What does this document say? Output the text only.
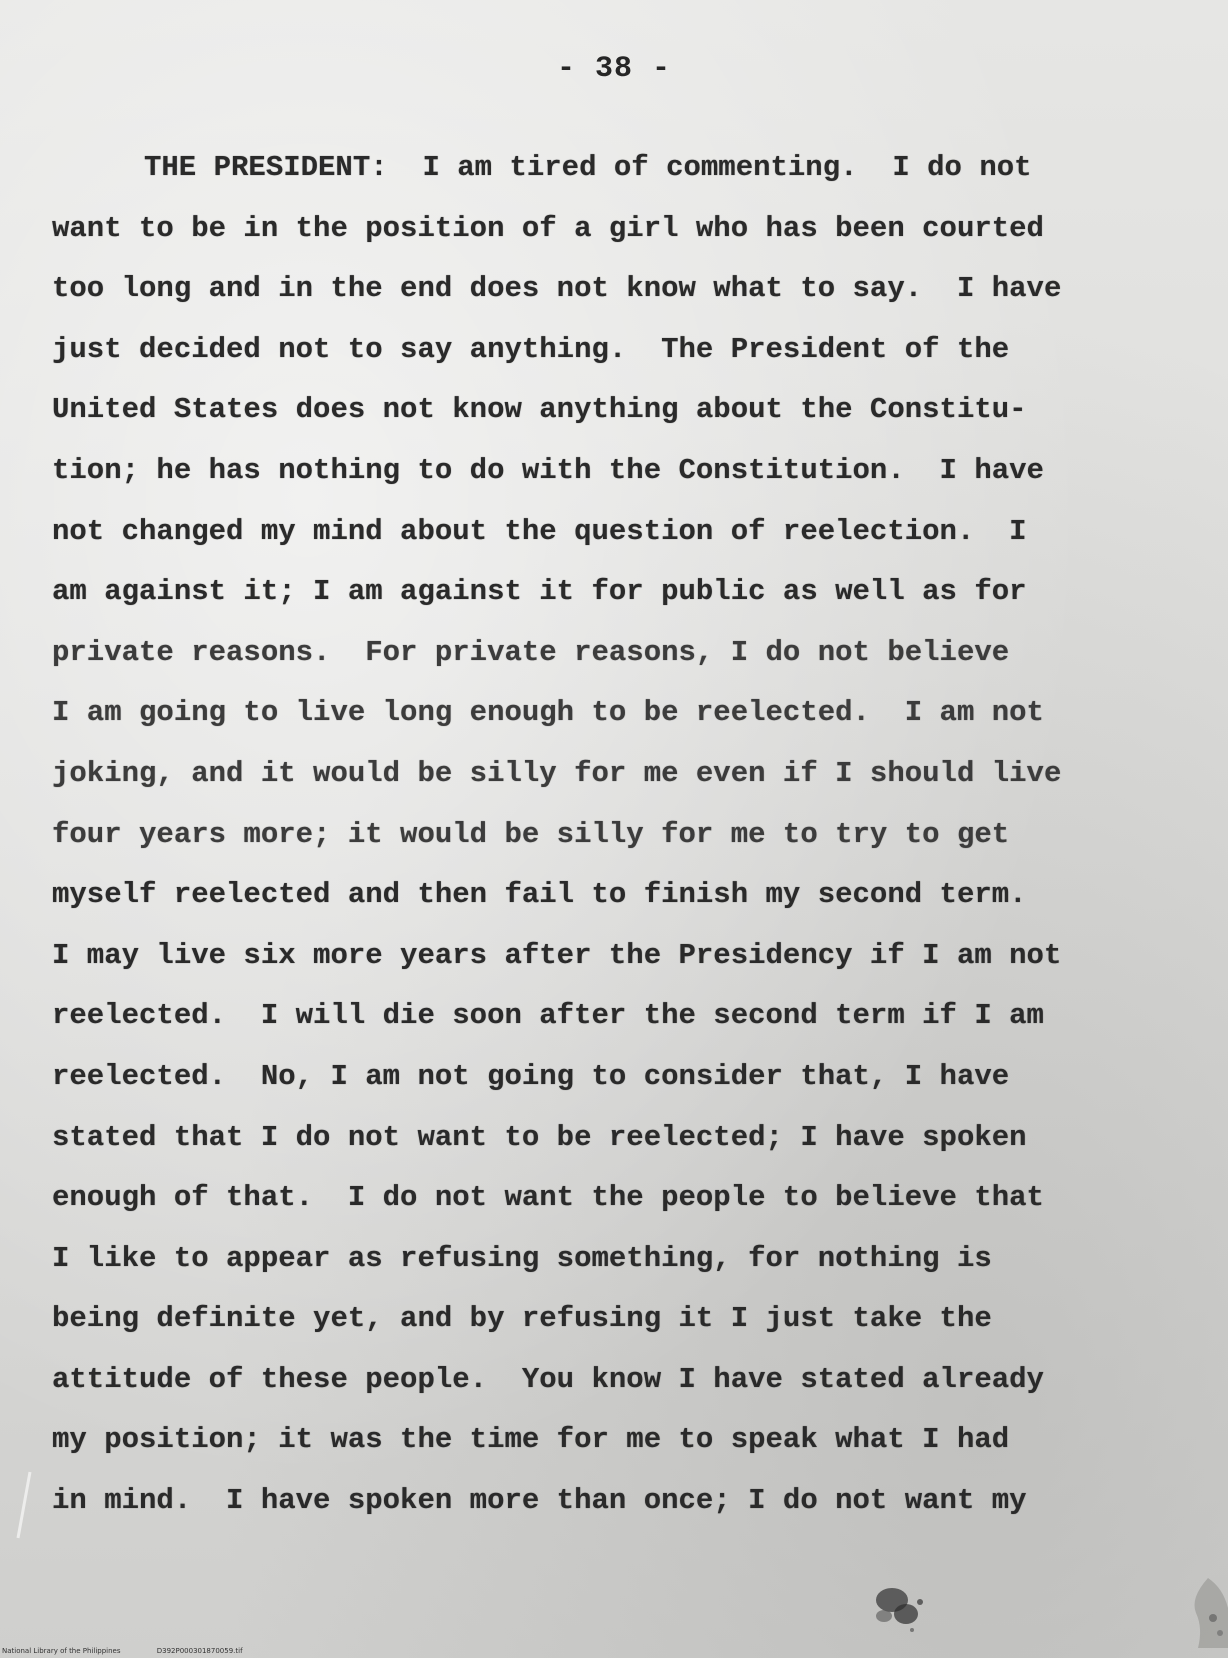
- 38 -
THE PRESIDENT:  I am tired of commenting.  I do not
want to be in the position of a girl who has been courted
too long and in the end does not know what to say.  I have
just decided not to say anything.  The President of the
United States does not know anything about the Constitu-
tion; he has nothing to do with the Constitution.  I have
not changed my mind about the question of reelection.  I
am against it; I am against it for public as well as for
private reasons.  For private reasons, I do not believe
I am going to live long enough to be reelected.  I am not
joking, and it would be silly for me even if I should live
four years more; it would be silly for me to try to get
myself reelected and then fail to finish my second term.
I may live six more years after the Presidency if I am not
reelected.  I will die soon after the second term if I am
reelected.  No, I am not going to consider that, I have
stated that I do not want to be reelected; I have spoken
enough of that.  I do not want the people to believe that
I like to appear as refusing something, for nothing is
being definite yet, and by refusing it I just take the
attitude of these people.  You know I have stated already
my position; it was the time for me to speak what I had
in mind.  I have spoken more than once; I do not want my
National Library of the Philippines	D392P000301870059.tif
